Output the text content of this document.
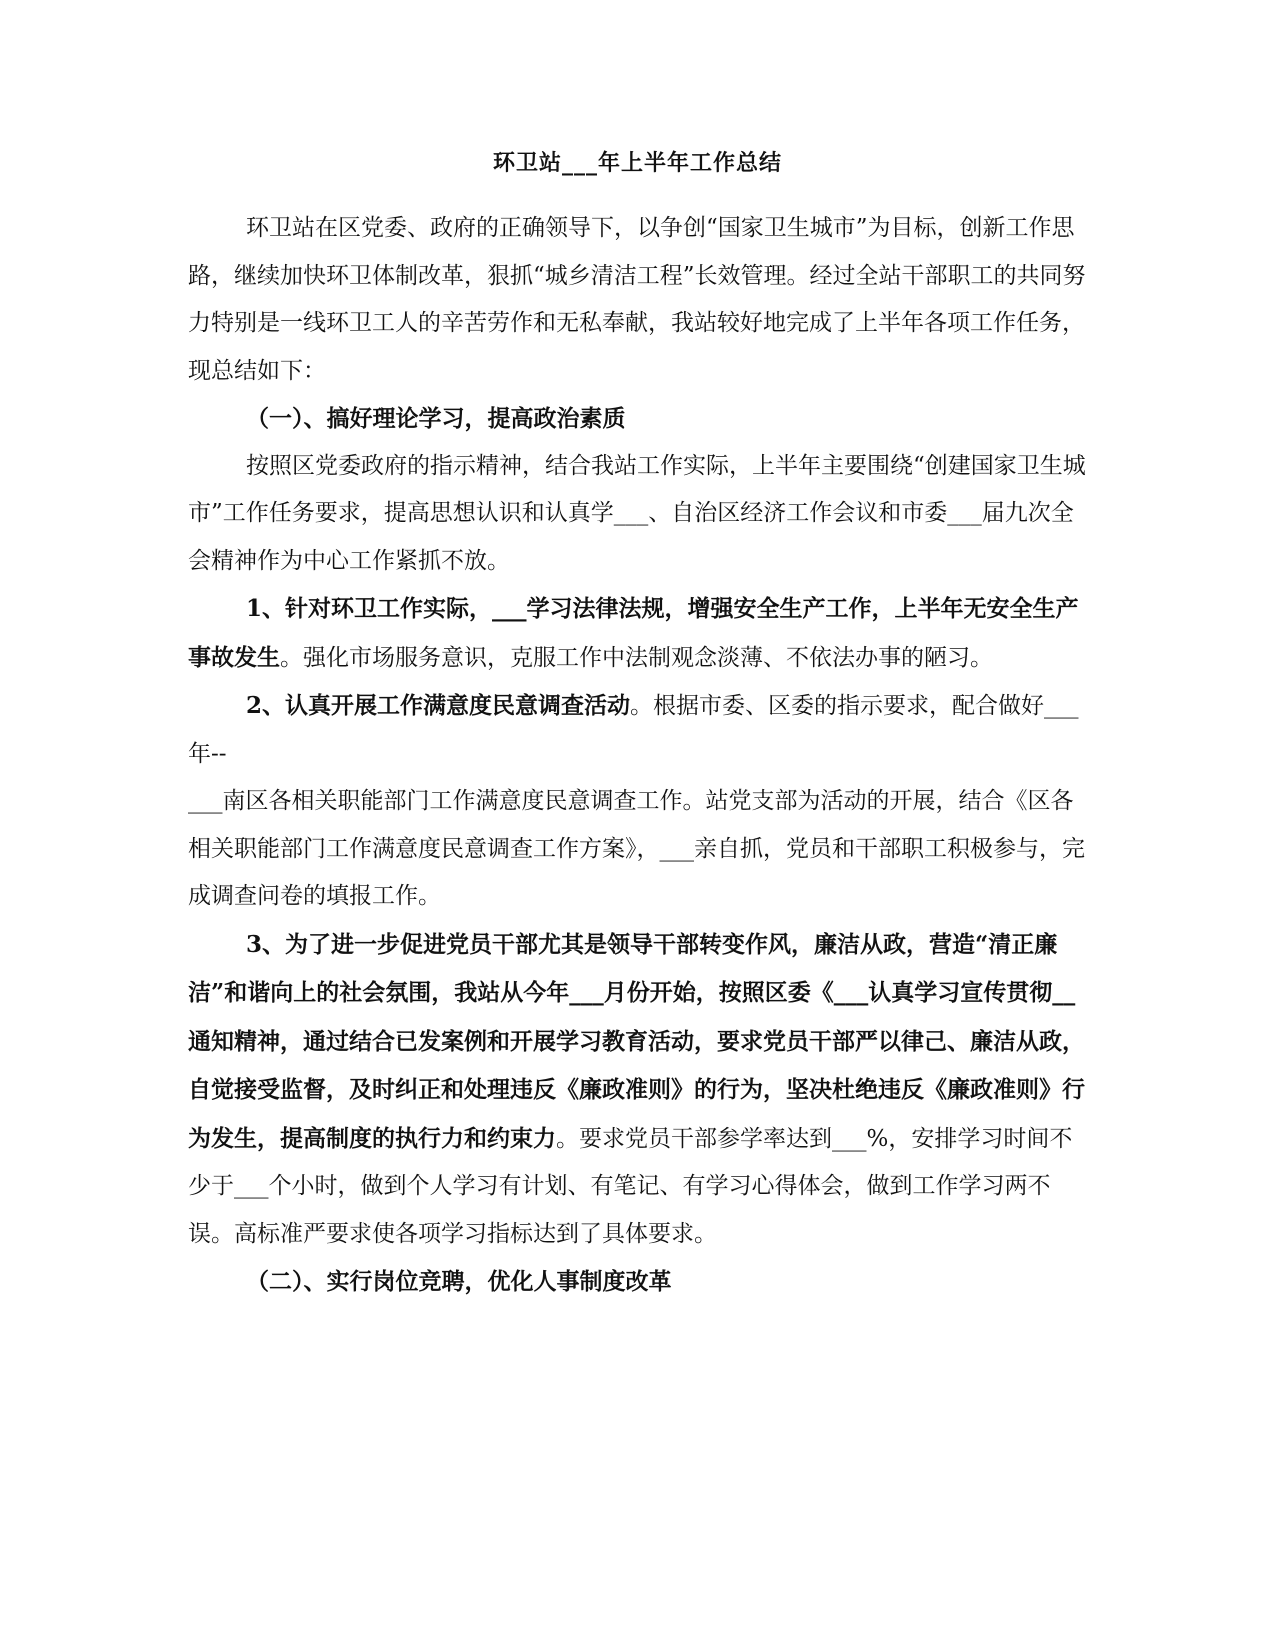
环卫站___年上半年工作总结

环卫站在区党委、政府的正确领导下，以争创“国家卫生城市”为目标，创新工作思路，继续加快环卫体制改革，狠抓“城乡清洁工程”长效管理。经过全站干部职工的共同努力特别是一线环卫工人的辛苦劳作和无私奉献，我站较好地完成了上半年各项工作任务，现总结如下：

（一）、搞好理论学习，提高政治素质

按照区党委政府的指示精神，结合我站工作实际，上半年主要围绕“创建国家卫生城市”工作任务要求，提高思想认识和认真学___、自治区经济工作会议和市委___届九次全会精神作为中心工作紧抓不放。

1、针对环卫工作实际，___学习法律法规，增强安全生产工作，上半年无安全生产事故发生。强化市场服务意识，克服工作中法制观念淡薄、不依法办事的陋习。

2、认真开展工作满意度民意调查活动。根据市委、区委的指示要求，配合做好___年--

___南区各相关职能部门工作满意度民意调查工作。站党支部为活动的开展，结合《区各相关职能部门工作满意度民意调查工作方案》，___亲自抓，党员和干部职工积极参与，完成调查问卷的填报工作。

3、为了进一步促进党员干部尤其是领导干部转变作风，廉洁从政，营造“清正廉洁”和谐向上的社会氛围，我站从今年___月份开始，按照区委《___认真学习宣传贯彻__通知精神，通过结合已发案例和开展学习教育活动，要求党员干部严以律己、廉洁从政，自觉接受监督，及时纠正和处理违反《廉政准则》的行为，坚决杜绝违反《廉政准则》行为发生，提高制度的执行力和约束力。要求党员干部参学率达到___%，安排学习时间不少于___个小时，做到个人学习有计划、有笔记、有学习心得体会，做到工作学习两不误。高标准严要求使各项学习指标达到了具体要求。

（二）、实行岗位竞聘，优化人事制度改革
